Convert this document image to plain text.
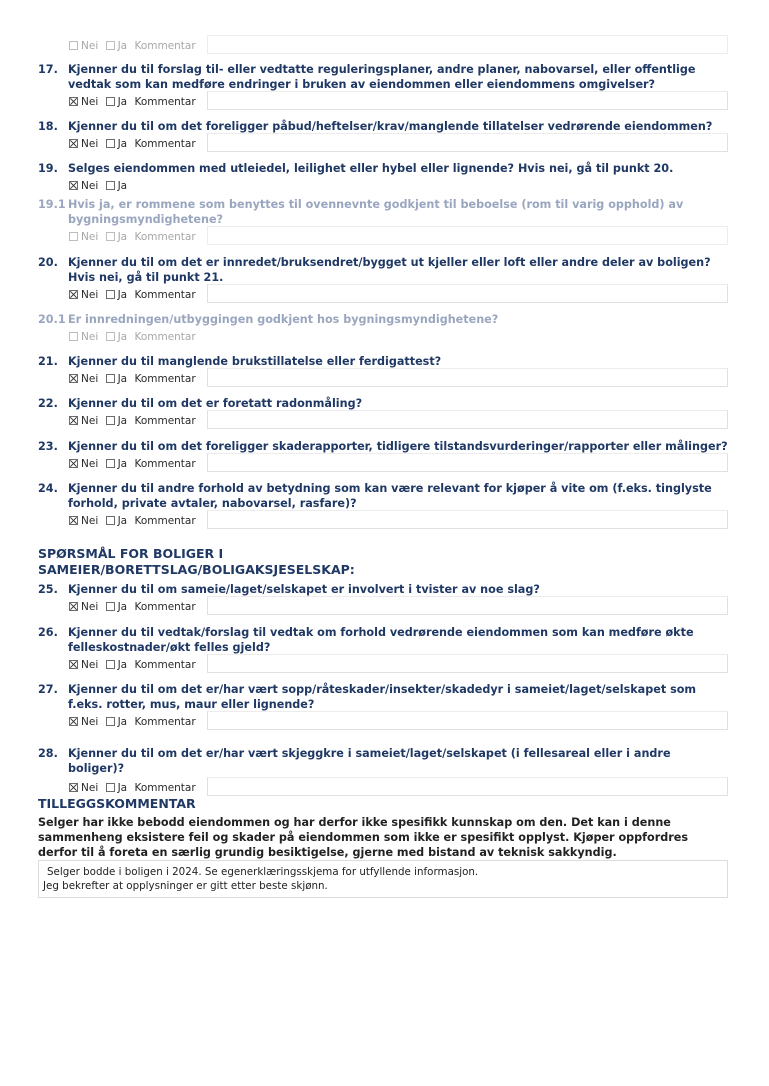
Nei Ja Kommentar
17. Kjenner du til forslag til- eller vedtatte reguleringsplaner, andre planer, nabovarsel, eller offentlige vedtak som kan medføre endringer i bruken av eiendommen eller eiendommens omgivelser?
Nei Ja Kommentar
18. Kjenner du til om det foreligger påbud/heftelser/krav/manglende tillatelser vedrørende eiendommen?
Nei Ja Kommentar
19. Selges eiendommen med utleiedel, leilighet eller hybel eller lignende? Hvis nei, gå til punkt 20.
Nei Ja
19.1 Hvis ja, er rommene som benyttes til ovennevnte godkjent til beboelse (rom til varig opphold) av bygningsmyndighetene?
Nei Ja Kommentar
20. Kjenner du til om det er innredet/bruksendret/bygget ut kjeller eller loft eller andre deler av boligen? Hvis nei, gå til punkt 21.
Nei Ja Kommentar
20.1 Er innredningen/utbyggingen godkjent hos bygningsmyndighetene?
Nei Ja Kommentar
21. Kjenner du til manglende brukstillatelse eller ferdigattest?
Nei Ja Kommentar
22. Kjenner du til om det er foretatt radonmåling?
Nei Ja Kommentar
23. Kjenner du til om det foreligger skaderapporter, tidligere tilstandsvurderinger/rapporter eller målinger?
Nei Ja Kommentar
24. Kjenner du til andre forhold av betydning som kan være relevant for kjøper å vite om (f.eks. tinglyste forhold, private avtaler, nabovarsel, rasfare)?
Nei Ja Kommentar
SPØRSMÅL FOR BOLIGER I SAMEIER/BORETTSLAG/BOLIGAKSJESELSKAP:
25. Kjenner du til om sameie/laget/selskapet er involvert i tvister av noe slag?
Nei Ja Kommentar
26. Kjenner du til vedtak/forslag til vedtak om forhold vedrørende eiendommen som kan medføre økte felleskostnader/økt felles gjeld?
Nei Ja Kommentar
27. Kjenner du til om det er/har vært sopp/råteskader/insekter/skadedyr i sameiet/laget/selskapet som f.eks. rotter, mus, maur eller lignende?
Nei Ja Kommentar
28. Kjenner du til om det er/har vært skjeggkre i sameiet/laget/selskapet (i fellesareal eller i andre boliger)?
Nei Ja Kommentar
TILLEGGSKOMMENTAR
Selger har ikke bebodd eiendommen og har derfor ikke spesifikk kunnskap om den. Det kan i denne sammenheng eksistere feil og skader på eiendommen som ikke er spesifikt opplyst. Kjøper oppfordres derfor til å foreta en særlig grundig besiktigelse, gjerne med bistand av teknisk sakkyndig.
Selger bodde i boligen i 2024. Se egenerklæringsskjema for utfyllende informasjon.
Jeg bekrefter at opplysninger er gitt etter beste skjønn.
